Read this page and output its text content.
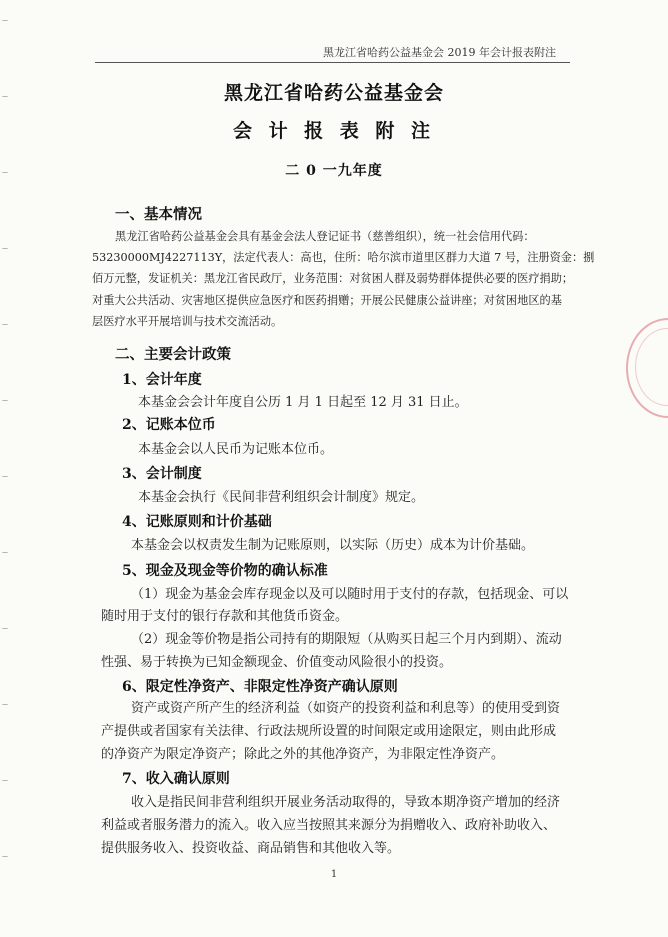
黑龙江省哈药公益基金会 2019 年会计报表附注
黑龙江省哈药公益基金会
会 计 报 表 附 注
二 0 一九年度
一、基本情况
黑龙江省哈药公益基金会具有基金会法人登记证书（慈善组织），统一社会信用代码：
53230000MJ4227113Y，法定代表人：高也，住所：哈尔滨市道里区群力大道 7 号，注册资金：捌
佰万元整，发证机关：黑龙江省民政厅，业务范围：对贫困人群及弱势群体提供必要的医疗捐助；
对重大公共活动、灾害地区提供应急医疗和医药捐赠；开展公民健康公益讲座；对贫困地区的基
层医疗水平开展培训与技术交流活动。
二、主要会计政策
1、会计年度
本基金会会计年度自公历 1 月 1 日起至 12 月 31 日止。
2、记账本位币
本基金会以人民币为记账本位币。
3、会计制度
本基金会执行《民间非营利组织会计制度》规定。
4、记账原则和计价基础
本基金会以权责发生制为记账原则，以实际（历史）成本为计价基础。
5、现金及现金等价物的确认标准
（1）现金为基金会库存现金以及可以随时用于支付的存款，包括现金、可以
随时用于支付的银行存款和其他货币资金。
（2）现金等价物是指公司持有的期限短（从购买日起三个月内到期）、流动
性强、易于转换为已知金额现金、价值变动风险很小的投资。
6、限定性净资产、非限定性净资产确认原则
资产或资产所产生的经济利益（如资产的投资利益和利息等）的使用受到资
产提供或者国家有关法律、行政法规所设置的时间限定或用途限定，则由此形成
的净资产为限定净资产；除此之外的其他净资产，为非限定性净资产。
7、收入确认原则
收入是指民间非营利组织开展业务活动取得的，导致本期净资产增加的经济
利益或者服务潜力的流入。收入应当按照其来源分为捐赠收入、政府补助收入、
提供服务收入、投资收益、商品销售和其他收入等。
1
